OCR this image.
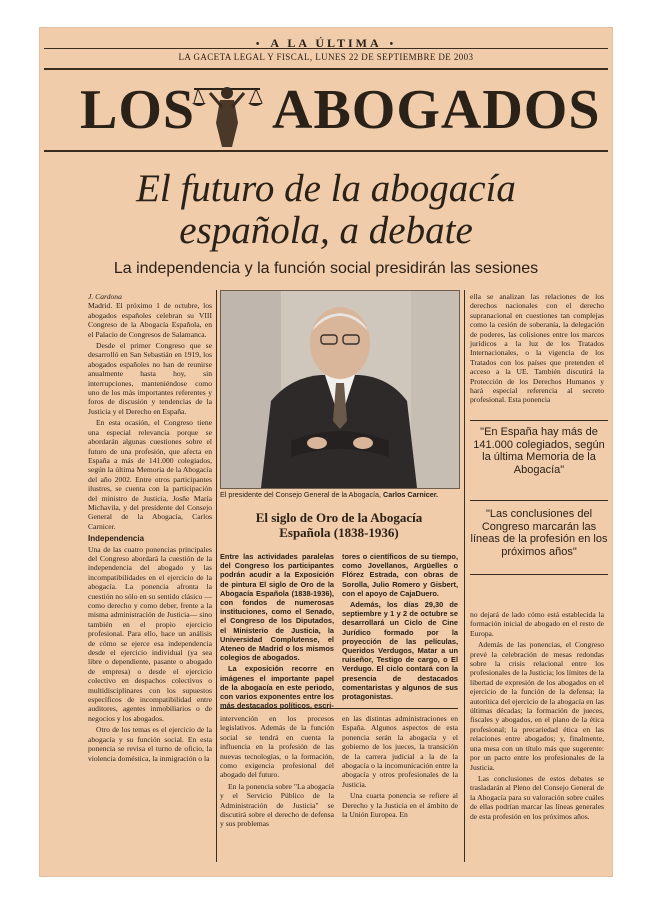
• A LA ÚLTIMA •
LA GACETA LEGAL Y FISCAL, LUNES 22 DE SEPTIEMBRE DE 2003
LOS ABOGADOS
El futuro de la abogacía
española, a debate
La independencia y la función social presidirán las sesiones
J. Cardona

Madrid. El próximo 1 de octubre, los abogados españoles celebran su VIII Congreso de la Abogacía Española, en el Palacio de Congresos de Salamanca.

Desde el primer Congreso que se desarrolló en San Sebastián en 1919, los abogados españoles no han de reunirse anualmente hasta hoy, sin interrupciones, manteniéndose como uno de los más importantes referentes y foros de discusión y tendencias de la Justicia y el Derecho en España.

En esta ocasión, el Congreso tiene una especial relevancia porque se abordarán algunas cuestiones sobre el futuro de una profesión, que afecta en España a más de 141.000 colegiados, según la última Memoria de la Abogacía del año 2002. Entre otros participantes ilustres, se cuenta con la participación del ministro de Justicia, Josñe María Michavila, y del presidente del Consejo General de la Abogacía, Carlos Carnicer.

Independencia

Una de las cuatro ponencias principales del Congreso abordará la cuestión de la independencia del abogado y las incompatibilidades en el ejercicio de la abogacía. La ponencia afronta la cuestión no sólo en su sentido clásico —como derecho y como deber, frente a la misma administración de Justicia— sino también en el propio ejercicio profesional. Para ello, hace un análisis de cómo se ejerce esa independencia desde el ejercicio individual (ya sea libre o dependiente, pasante o abogado de empresa) o desde el ejercicio colectivo en despachos colectivos o multidisciplinares con los supuestos específicos de incompatibilidad entre auditores, agentes inmobiliarios o de negocios y los abogados.

Otro de los temas es el ejercicio de la abogacía y su función social. En esta ponencia se revisa el turno de oficio, la violencia doméstica, la inmigración o la

El presidente del Consejo General de la Abogacía, Carlos Carnicer.
El siglo de Oro de la Abogacía
Española (1838-1936)

Entre las actividades paralelas del Congreso los participantes podrán acudir a la Exposición de pintura El siglo de Oro de la Abogacía Española (1838-1936), con fondos de numerosas instituciones, como el Senado, el Congreso de los Diputados, el Ministerio de Justicia, la Universidad Complutense, el Ateneo de Madrid o los mismos colegios de abogados.

La exposición recorre en imágenes el importante papel de la abogacía en este periodo, con varios exponentes entre los más destacados políticos, escri-

tores o científicos de su tiempo, como Jovellanos, Argüelles o Flórez Estrada, con obras de Sorolla, Julio Romero y Gisbert, con el apoyo de CajaDuero.

Además, los días 29,30 de septiembre y 1 y 2 de octubre se desarrollará un Ciclo de Cine Jurídico formado por la proyección de las películas, Queridos Verdugos, Matar a un ruiseñor, Testigo de cargo, o El Verdugo. El ciclo contará con la presencia de destacados comentaristas y algunos de sus protagonistas.

intervención en los procesos legislativos. Además de la función social se tendrá en cuenta la influencia en la profesión de las nuevas tecnologías, o la formación, como exigencia profesional del abogado del futuro.

En la ponencia sobre "La abogacía y el Servicio Público de la Administración de Justicia" se discutirá sobre el derecho de defensa y sus problemas

en las distintas administraciones en España. Algunos aspectos de esta ponencia serán la abogacía y el gobierno de los jueces, la transición de la carrera judicial a la de la abogacía o la incomunicación entre la abogacía y otros profesionales de la Justicia.

Una cuarta ponencia se refiere al Derecho y la Justicia en el ámbito de la Unión Europea. En

ella se analizan las relaciones de los derechos nacionales con el derecho supranacional en cuestiones tan complejas como la cesión de soberanía, la delegación de poderes, las colisiones entre los marcos jurídicos a la luz de los Tratados Internacionales, o la vigencia de los Tratados con los países que pretenden el acceso a la UE. También discutirá la Protección de los Derechos Humanos y hará especial referencia al secreto profesional. Esta ponencia

"En España hay más de 141.000 colegiados, según la última Memoria de la Abogacía"
"Las conclusiones del Congreso marcarán las líneas de la profesión en los próximos años"

no dejará de lado cómo está establecida la formación inicial de abogado en el resto de Europa.

Además de las ponencias, el Congreso prevé la celebración de mesas redondas sobre la crisis relacional entre los profesionales de la Justicia; los límites de la libertad de expresión de los abogados en el ejercicio de la función de la defensa; la autorítica del ejercicio de la abogacía en las últimas décadas; la formación de jueces, fiscales y abogados, en el plano de la ética profesional; la precariedad ética en las relaciones entre abogados; y, finalmente, una mesa con un título más que sugerente: por un pacto entre los profesionales de la Justicia.

Las conclusiones de estos debates se trasladarán al Pleno del Consejo General de la Abogacía para su valoración sobre cuáles de ellas podrían marcar las líneas generales de esta profesión en los próximos años.
